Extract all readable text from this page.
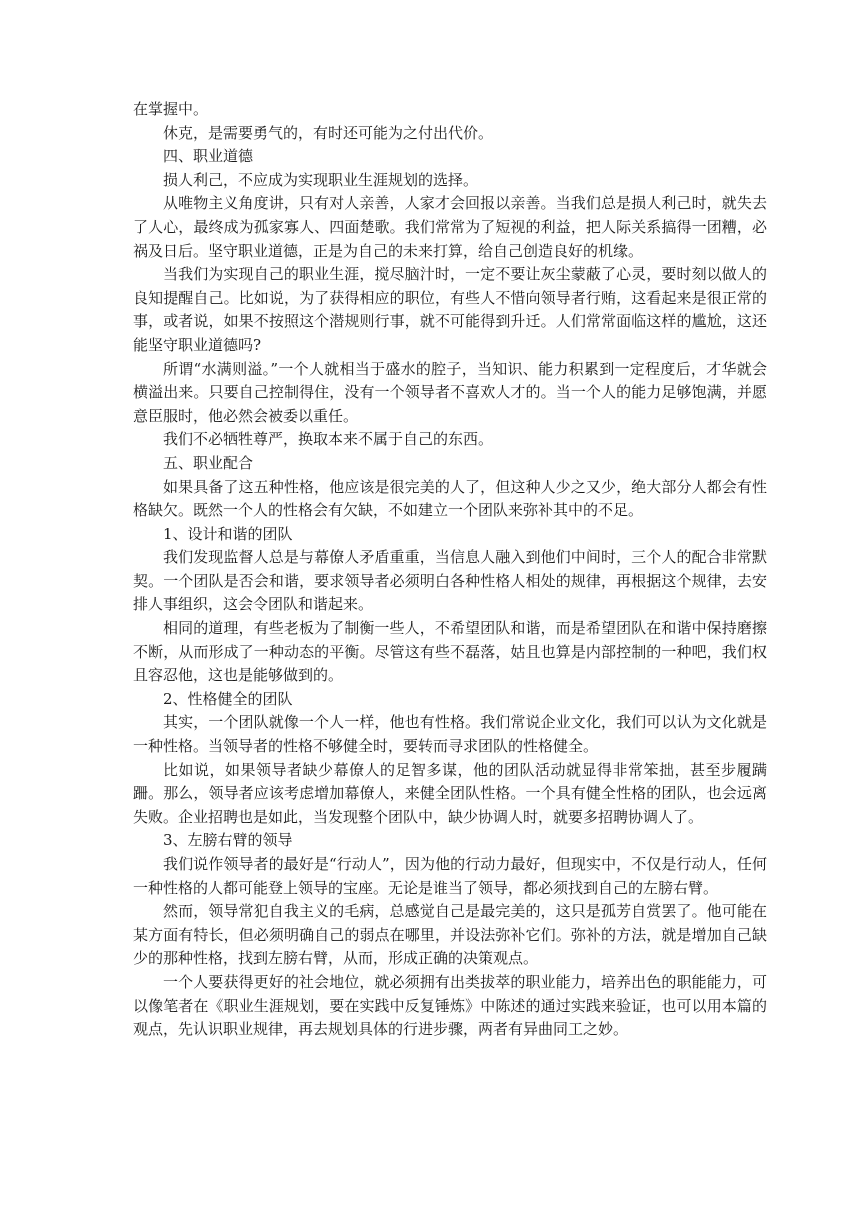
在掌握中。

休克，是需要勇气的，有时还可能为之付出代价。

四、职业道德

损人利己，不应成为实现职业生涯规划的选择。

从唯物主义角度讲，只有对人亲善，人家才会回报以亲善。当我们总是损人利己时，就失去了人心，最终成为孤家寡人、四面楚歌。我们常常为了短视的利益，把人际关系搞得一团糟，必祸及日后。坚守职业道德，正是为自己的未来打算，给自己创造良好的机缘。

当我们为实现自己的职业生涯，搅尽脑汁时，一定不要让灰尘蒙蔽了心灵，要时刻以做人的良知提醒自己。比如说，为了获得相应的职位，有些人不惜向领导者行贿，这看起来是很正常的事，或者说，如果不按照这个潜规则行事，就不可能得到升迁。人们常常面临这样的尴尬，这还能坚守职业道德吗?

所谓“水满则溢。”一个人就相当于盛水的腔子，当知识、能力积累到一定程度后，才华就会横溢出来。只要自己控制得住，没有一个领导者不喜欢人才的。当一个人的能力足够饱满，并愿意臣服时，他必然会被委以重任。

我们不必牺牲尊严，换取本来不属于自己的东西。

五、职业配合

如果具备了这五种性格，他应该是很完美的人了，但这种人少之又少，绝大部分人都会有性格缺欠。既然一个人的性格会有欠缺，不如建立一个团队来弥补其中的不足。

1、设计和谐的团队

我们发现监督人总是与幕僚人矛盾重重，当信息人融入到他们中间时，三个人的配合非常默契。一个团队是否会和谐，要求领导者必须明白各种性格人相处的规律，再根据这个规律，去安排人事组织，这会令团队和谐起来。

相同的道理，有些老板为了制衡一些人，不希望团队和谐，而是希望团队在和谐中保持磨擦不断，从而形成了一种动态的平衡。尽管这有些不磊落，姑且也算是内部控制的一种吧，我们权且容忍他，这也是能够做到的。

2、性格健全的团队

其实，一个团队就像一个人一样，他也有性格。我们常说企业文化，我们可以认为文化就是一种性格。当领导者的性格不够健全时，要转而寻求团队的性格健全。

比如说，如果领导者缺少幕僚人的足智多谋，他的团队活动就显得非常笨拙，甚至步履蹒跚。那么，领导者应该考虑增加幕僚人，来健全团队性格。一个具有健全性格的团队，也会远离失败。企业招聘也是如此，当发现整个团队中，缺少协调人时，就要多招聘协调人了。

3、左膀右臂的领导

我们说作领导者的最好是“行动人”，因为他的行动力最好，但现实中，不仅是行动人，任何一种性格的人都可能登上领导的宝座。无论是谁当了领导，都必须找到自己的左膀右臂。

然而，领导常犯自我主义的毛病，总感觉自己是最完美的，这只是孤芳自赏罢了。他可能在某方面有特长，但必须明确自己的弱点在哪里，并设法弥补它们。弥补的方法，就是增加自己缺少的那种性格，找到左膀右臂，从而，形成正确的决策观点。

一个人要获得更好的社会地位，就必须拥有出类拔萃的职业能力，培养出色的职能能力，可以像笔者在《职业生涯规划，要在实践中反复锤炼》中陈述的通过实践来验证，也可以用本篇的观点，先认识职业规律，再去规划具体的行进步骤，两者有异曲同工之妙。
